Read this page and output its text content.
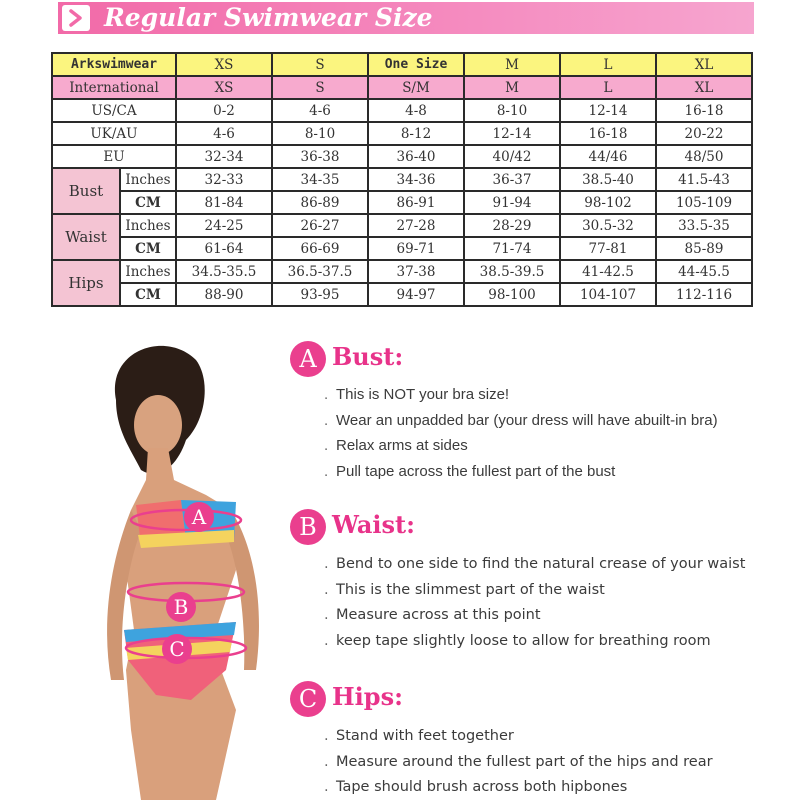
Regular Swimwear Size
Arkswimwear		XS	S	One Size	M	L	XL
International		XS	S	S/M	M	L	XL
US/CA		0-2	4-6	4-8	8-10	12-14	16-18
UK/AU		4-6	8-10	8-12	12-14	16-18	20-22
EU		32-34	36-38	36-40	40/42	44/46	48/50
Bust	Inches	32-33	34-35	34-36	36-37	38.5-40	41.5-43
	CM	81-84	86-89	86-91	91-94	98-102	105-109
Waist	Inches	24-25	26-27	27-28	28-29	30.5-32	33.5-35
	CM	61-64	66-69	69-71	71-74	77-81	85-89
Hips	Inches	34.5-35.5	36.5-37.5	37-38	38.5-39.5	41-42.5	44-45.5
	CM	88-90	93-95	94-97	98-100	104-107	112-116
A
B
C
A Bust:
. This is NOT your bra size!
. Wear an unpadded bar (your dress will have abuilt-in bra)
. Relax arms at sides
. Pull tape across the fullest part of the bust
B Waist:
. Bend to one side to find the natural crease of your waist
. This is the slimmest part of the waist
. Measure across at this point
. keep tape slightly loose to allow for breathing room
C Hips:
. Stand with feet together
. Measure around the fullest part of the hips and rear
. Tape should brush across both hipbones
